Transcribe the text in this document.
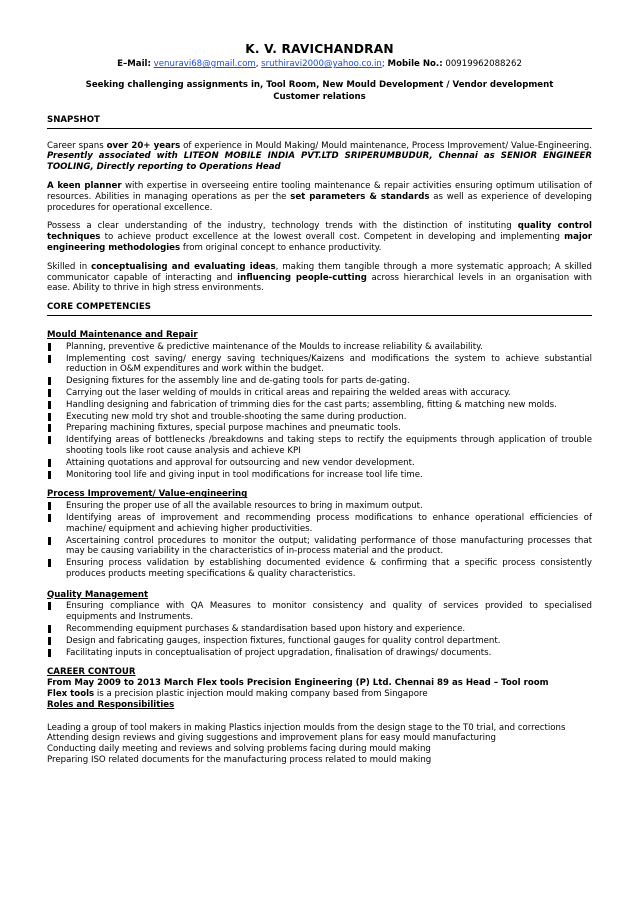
K. V. RAVICHANDRAN
E–Mail: venuravi68@gmail.com, sruthiravi2000@yahoo.co.in; Mobile No.: 00919962088262
Seeking challenging assignments in, Tool Room, New Mould Development / Vendor development Customer relations
SNAPSHOT
Career spans over 20+ years of experience in Mould Making/ Mould maintenance, Process Improvement/ Value-Engineering. Presently associated with LITEON MOBILE INDIA PVT.LTD SRIPERUMBUDUR, Chennai as SENIOR ENGINEER TOOLING, Directly reporting to Operations Head
A keen planner with expertise in overseeing entire tooling maintenance & repair activities ensuring optimum utilisation of resources. Abilities in managing operations as per the set parameters & standards as well as experience of developing procedures for operational excellence.
Possess a clear understanding of the industry, technology trends with the distinction of instituting quality control techniques to achieve product excellence at the lowest overall cost. Competent in developing and implementing major engineering methodologies from original concept to enhance productivity.
Skilled in conceptualising and evaluating ideas, making them tangible through a more systematic approach; A skilled communicator capable of interacting and influencing people-cutting across hierarchical levels in an organisation with ease. Ability to thrive in high stress environments.
CORE COMPETENCIES
Mould Maintenance and Repair
Planning, preventive & predictive maintenance of the Moulds to increase reliability & availability.
Implementing cost saving/ energy saving techniques/Kaizens and modifications the system to achieve substantial reduction in O&M expenditures and work within the budget.
Designing fixtures for the assembly line and de-gating tools for parts de-gating.
Carrying out the laser welding of moulds in critical areas and repairing the welded areas with accuracy.
Handling designing and fabrication of trimming dies for the cast parts; assembling, fitting & matching new molds.
Executing new mold try shot and trouble-shooting the same during production.
Preparing machining fixtures, special purpose machines and pneumatic tools.
Identifying areas of bottlenecks /breakdowns and taking steps to rectify the equipments through application of trouble shooting tools like root cause analysis and achieve KPI
Attaining quotations and approval for outsourcing and new vendor development.
Monitoring tool life and giving input in tool modifications for increase tool life time.
Process Improvement/ Value-engineering
Ensuring the proper use of all the available resources to bring in maximum output.
Identifying areas of improvement and recommending process modifications to enhance operational efficiencies of machine/ equipment and achieving higher productivities.
Ascertaining control procedures to monitor the output; validating performance of those manufacturing processes that may be causing variability in the characteristics of in-process material and the product.
Ensuring process validation by establishing documented evidence & confirming that a specific process consistently produces products meeting specifications & quality characteristics.
Quality Management
Ensuring compliance with QA Measures to monitor consistency and quality of services provided to specialised equipments and Instruments.
Recommending equipment purchases & standardisation based upon history and experience.
Design and fabricating gauges, inspection fixtures, functional gauges for quality control department.
Facilitating inputs in conceptualisation of project upgradation, finalisation of drawings/ documents.
CAREER CONTOUR
From May 2009 to 2013 March Flex tools Precision Engineering (P) Ltd. Chennai 89 as Head – Tool room
Flex tools is a precision plastic injection mould making company based from Singapore
Roles and Responsibilities
Leading a group of tool makers in making Plastics injection moulds from the design stage to the T0 trial, and corrections
Attending design reviews and giving suggestions and improvement plans for easy mould manufacturing
Conducting daily meeting and reviews and solving problems facing during mould making
Preparing ISO related documents for the manufacturing process related to mould making
